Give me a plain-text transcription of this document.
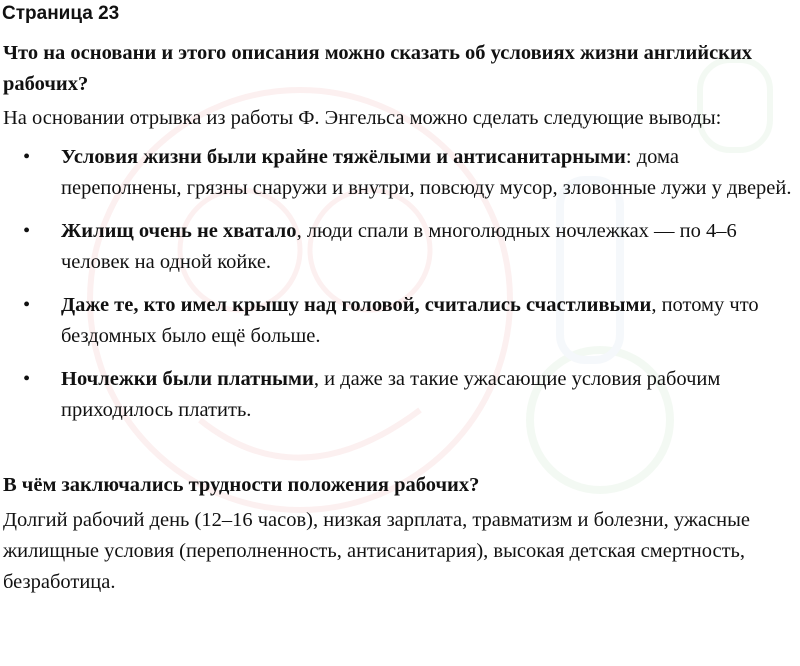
Страница 23
Что на основани и этого описания можно сказать об условиях жизни английских рабочих?

На основании отрывка из работы Ф. Энгельса можно сделать следующие выводы:

• Условия жизни были крайне тяжёлыми и антисанитарными: дома переполнены, грязны снаружи и внутри, повсюду мусор, зловонные лужи у дверей.
• Жилищ очень не хватало, люди спали в многолюдных ночлежках — по 4–6 человек на одной койке.
• Даже те, кто имел крышу над головой, считались счастливыми, потому что бездомных было ещё больше.
• Ночлежки были платными, и даже за такие ужасающие условия рабочим приходилось платить.
В чём заключались трудности положения рабочих?

Долгий рабочий день (12–16 часов), низкая зарплата, травматизм и болезни, ужасные жилищные условия (переполненность, антисанитария), высокая детская смертность, безработица.
